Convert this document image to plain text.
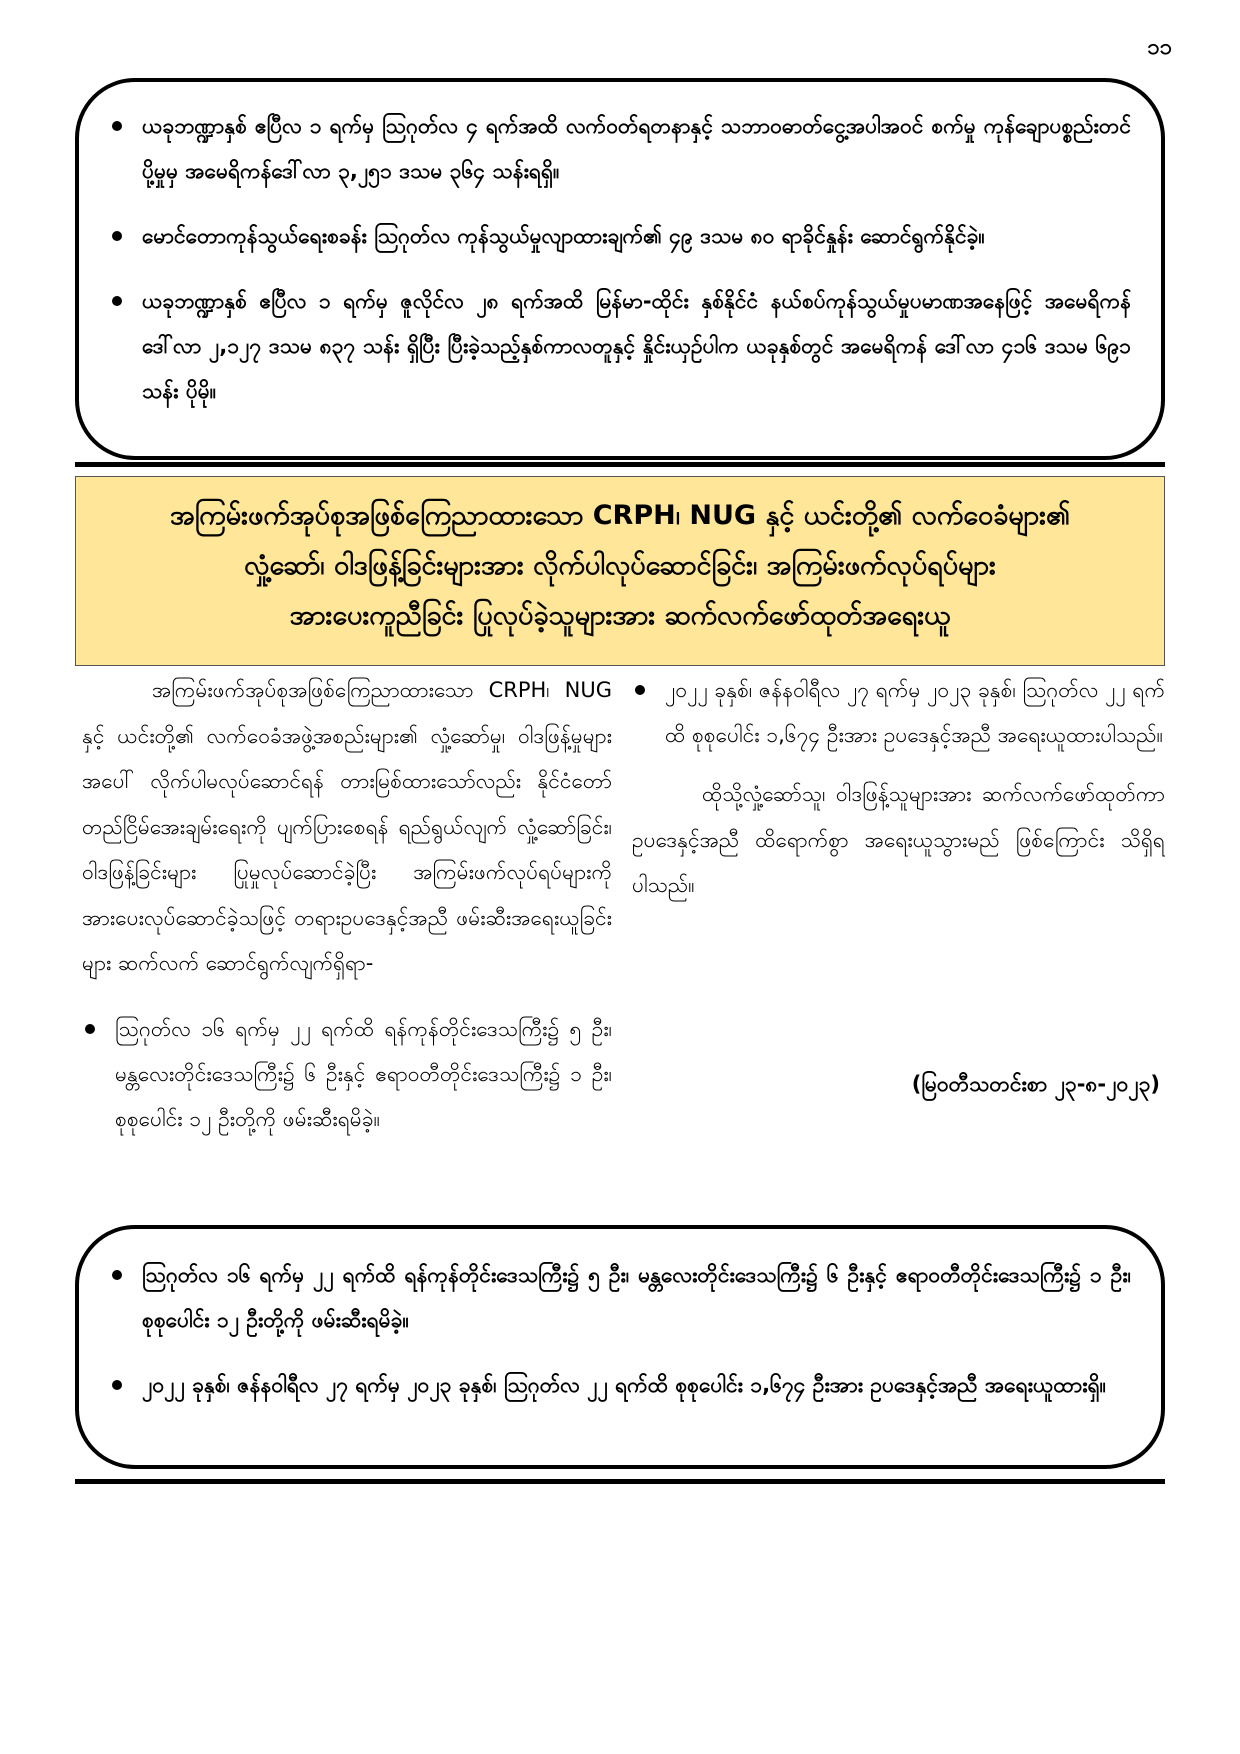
၁၁
ယခုဘဏ္ဍာနှစ် ဧပြီလ ၁ ရက်မှ ဩဂုတ်လ ၄ ရက်အထိ လက်ဝတ်ရတနာနှင့် သဘာဝဓာတ်ငွေ့အပါအဝင် စက်မှု ကုန်ချောပစ္စည်းတင်ပို့မှုမှ အမေရိကန်ဒေါ်လာ ၃,၂၅၁ ဒသမ ၃၆၄ သန်းရရှိ။
မောင်တောကုန်သွယ်ရေးစခန်း ဩဂုတ်လ ကုန်သွယ်မှုလျာထားချက်၏ ၄၉ ဒသမ ၈၀ ရာခိုင်နှုန်း ဆောင်ရွက်နိုင်ခဲ့။
ယခုဘဏ္ဍာနှစ် ဧပြီလ ၁ ရက်မှ ဇူလိုင်လ ၂၈ ရက်အထိ မြန်မာ-ထိုင်း နှစ်နိုင်ငံ နယ်စပ်ကုန်သွယ်မှုပမာဏအနေဖြင့် အမေရိကန်ဒေါ်လာ ၂,၁၂၇ ဒသမ ၈၃၇ သန်း ရှိပြီး ပြီးခဲ့သည့်နှစ်ကာလတူနှင့် နှိုင်းယှဉ်ပါက ယခုနှစ်တွင် အမေရိကန် ဒေါ်လာ ၄၁၆ ဒသမ ၆၉၁ သန်း ပိုမို။
အကြမ်းဖက်အုပ်စုအဖြစ်ကြေညာထားသော CRPH၊ NUG နှင့် ယင်းတို့၏ လက်ဝေခံများ၏
လှုံ့ဆော်၊ ဝါဒဖြန့်ခြင်းများအား လိုက်ပါလုပ်ဆောင်ခြင်း၊ အကြမ်းဖက်လုပ်ရပ်များ
အားပေးကူညီခြင်း ပြုလုပ်ခဲ့သူများအား ဆက်လက်ဖော်ထုတ်အရေးယူ

အကြမ်းဖက်အုပ်စုအဖြစ်ကြေညာထားသော CRPH၊ NUG နှင့် ယင်းတို့၏ လက်ဝေခံအဖွဲ့အစည်းများ၏ လှုံ့ဆော်မှု၊ ဝါဒဖြန့်မှုများအပေါ် လိုက်ပါမလုပ်ဆောင်ရန် တားမြစ်ထားသော်လည်း နိုင်ငံတော်တည်ငြိမ်အေးချမ်းရေးကို ပျက်ပြားစေရန် ရည်ရွယ်လျက် လှုံ့ဆော်ခြင်း၊ ဝါဒဖြန့်ခြင်းများ ပြုမှုလုပ်ဆောင်ခဲ့ပြီး အကြမ်းဖက်လုပ်ရပ်များကို အားပေးလုပ်ဆောင်ခဲ့သဖြင့် တရားဥပဒေနှင့်အညီ ဖမ်းဆီးအရေးယူခြင်းများ ဆက်လက် ဆောင်ရွက်လျက်ရှိရာ-

ဩဂုတ်လ ၁၆ ရက်မှ ၂၂ ရက်ထိ ရန်ကုန်တိုင်းဒေသကြီး၌ ၅ ဦး၊ မန္တလေးတိုင်းဒေသကြီး၌ ၆ ဦးနှင့် ဧရာဝတီတိုင်းဒေသကြီး၌ ၁ ဦး၊ စုစုပေါင်း ၁၂ ဦးတို့ကို ဖမ်းဆီးရမိခဲ့။
၂၀၂၂ ခုနှစ်၊ ဇန်နဝါရီလ ၂၇ ရက်မှ ၂၀၂၃ ခုနှစ်၊ ဩဂုတ်လ ၂၂ ရက်ထိ စုစုပေါင်း ၁,၆၇၄ ဦးအား ဥပဒေနှင့်အညီ အရေးယူထားပါသည်။

ထိုသို့လှုံ့ဆော်သူ၊ ဝါဒဖြန့်သူများအား ဆက်လက်ဖော်ထုတ်ကာ ဥပဒေနှင့်အညီ ထိရောက်စွာ အရေးယူသွားမည် ဖြစ်ကြောင်း သိရှိရပါသည်။

(မြဝတီသတင်းစာ ၂၃-၈-၂၀၂၃)
ဩဂုတ်လ ၁၆ ရက်မှ ၂၂ ရက်ထိ ရန်ကုန်တိုင်းဒေသကြီး၌ ၅ ဦး၊ မန္တလေးတိုင်းဒေသကြီး၌ ၆ ဦးနှင့် ဧရာဝတီတိုင်းဒေသကြီး၌ ၁ ဦး၊ စုစုပေါင်း ၁၂ ဦးတို့ကို ဖမ်းဆီးရမိခဲ့။
၂၀၂၂ ခုနှစ်၊ ဇန်နဝါရီလ ၂၇ ရက်မှ ၂၀၂၃ ခုနှစ်၊ ဩဂုတ်လ ၂၂ ရက်ထိ စုစုပေါင်း ၁,၆၇၄ ဦးအား ဥပဒေနှင့်အညီ အရေးယူထားရှိ။
